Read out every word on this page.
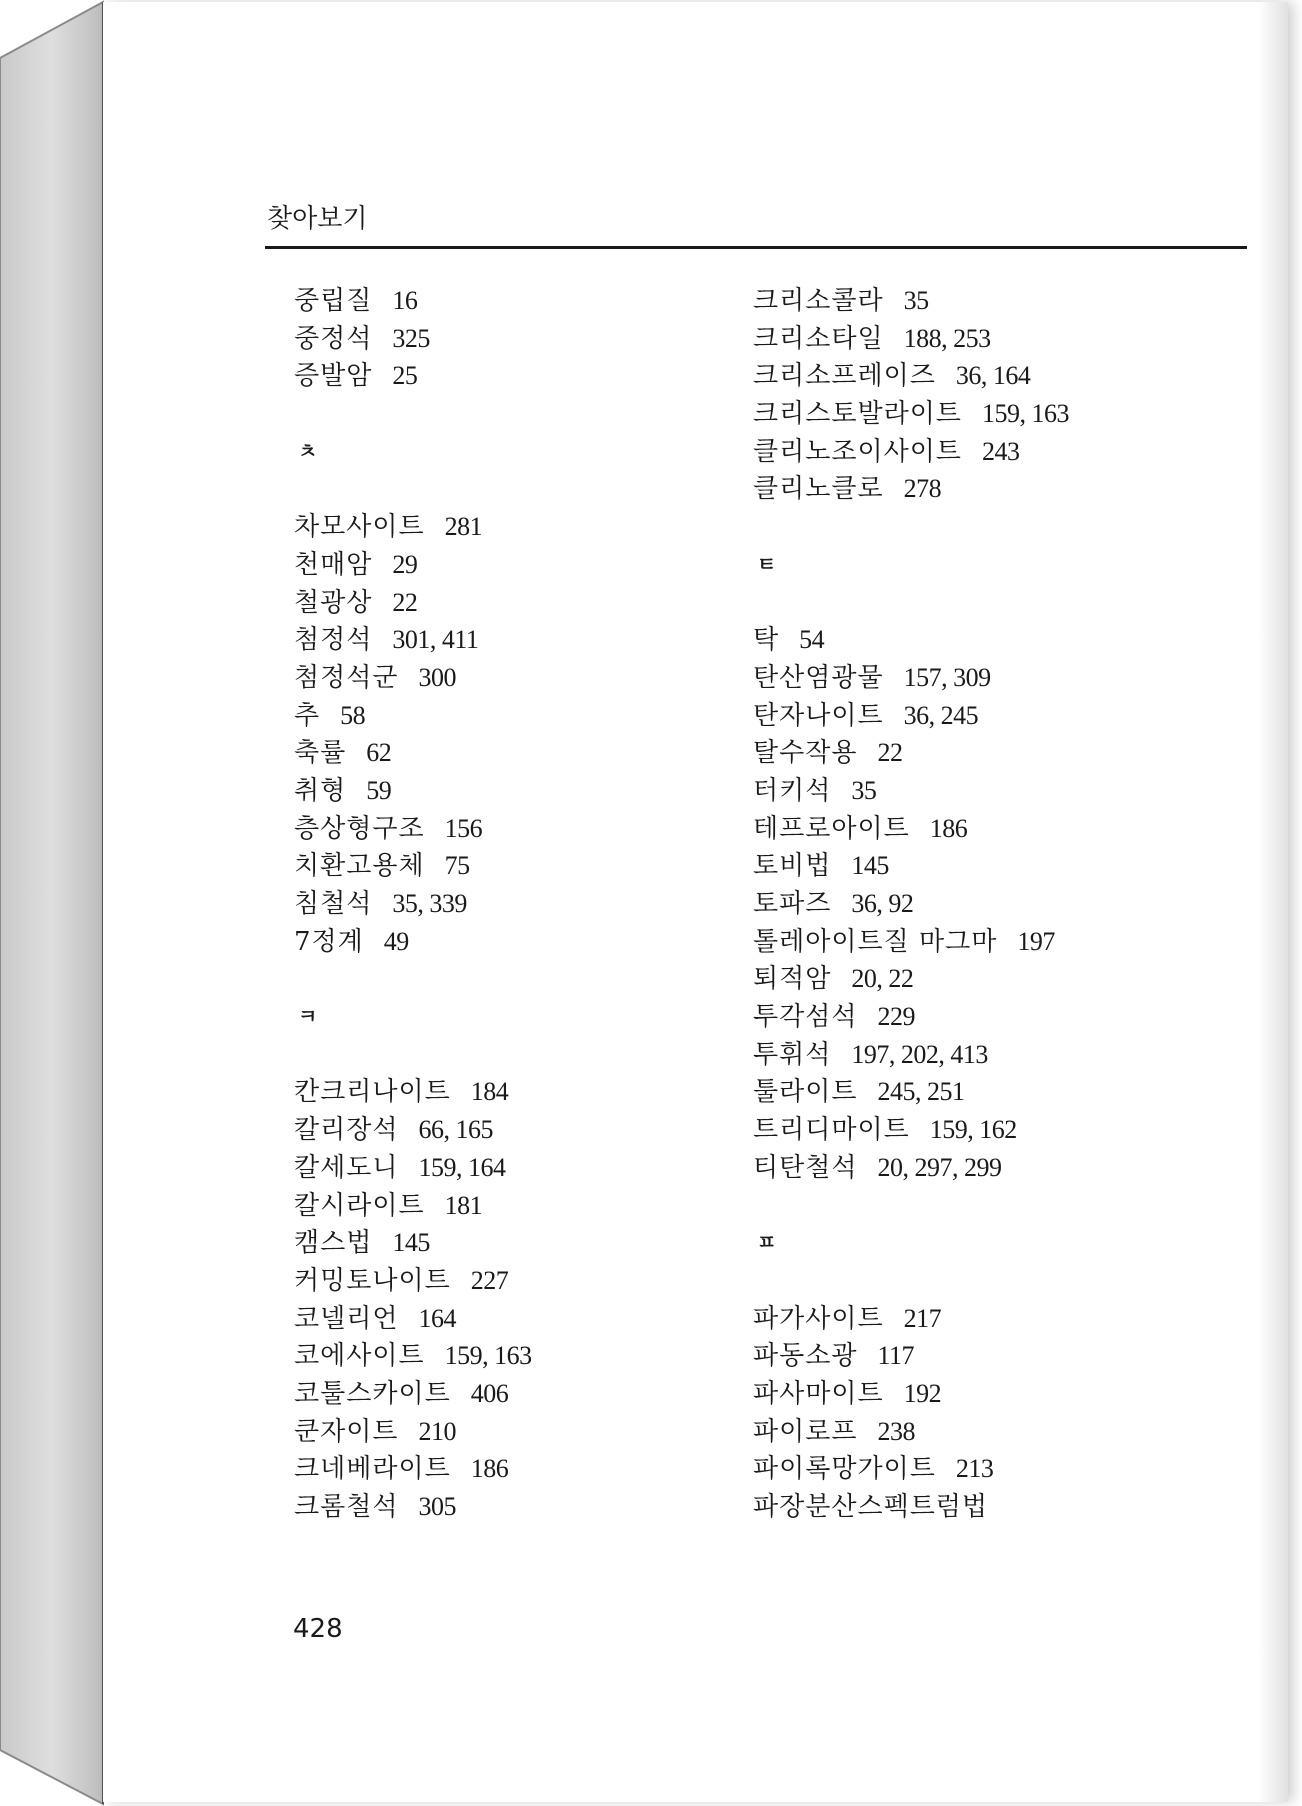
찾아보기
중립질 16
중정석 325
증발암 25
ㅊ
차모사이트 281
천매암 29
철광상 22
첨정석 301, 411
첨정석군 300
추 58
축률 62
취형 59
층상형구조 156
치환고용체 75
침철석 35, 339
7정계 49
ㅋ
칸크리나이트 184
칼리장석 66, 165
칼세도니 159, 164
칼시라이트 181
캠스법 145
커밍토나이트 227
코넬리언 164
코에사이트 159, 163
코툴스카이트 406
쿤자이트 210
크네베라이트 186
크롬철석 305
크리소콜라 35
크리소타일 188, 253
크리소프레이즈 36, 164
크리스토발라이트 159, 163
클리노조이사이트 243
클리노클로 278
ㅌ
탁 54
탄산염광물 157, 309
탄자나이트 36, 245
탈수작용 22
터키석 35
테프로아이트 186
토비법 145
토파즈 36, 92
톨레아이트질 마그마 197
퇴적암 20, 22
투각섬석 229
투휘석 197, 202, 413
툴라이트 245, 251
트리디마이트 159, 162
티탄철석 20, 297, 299
ㅍ
파가사이트 217
파동소광 117
파사마이트 192
파이로프 238
파이록망가이트 213
파장분산스펙트럼법
428
